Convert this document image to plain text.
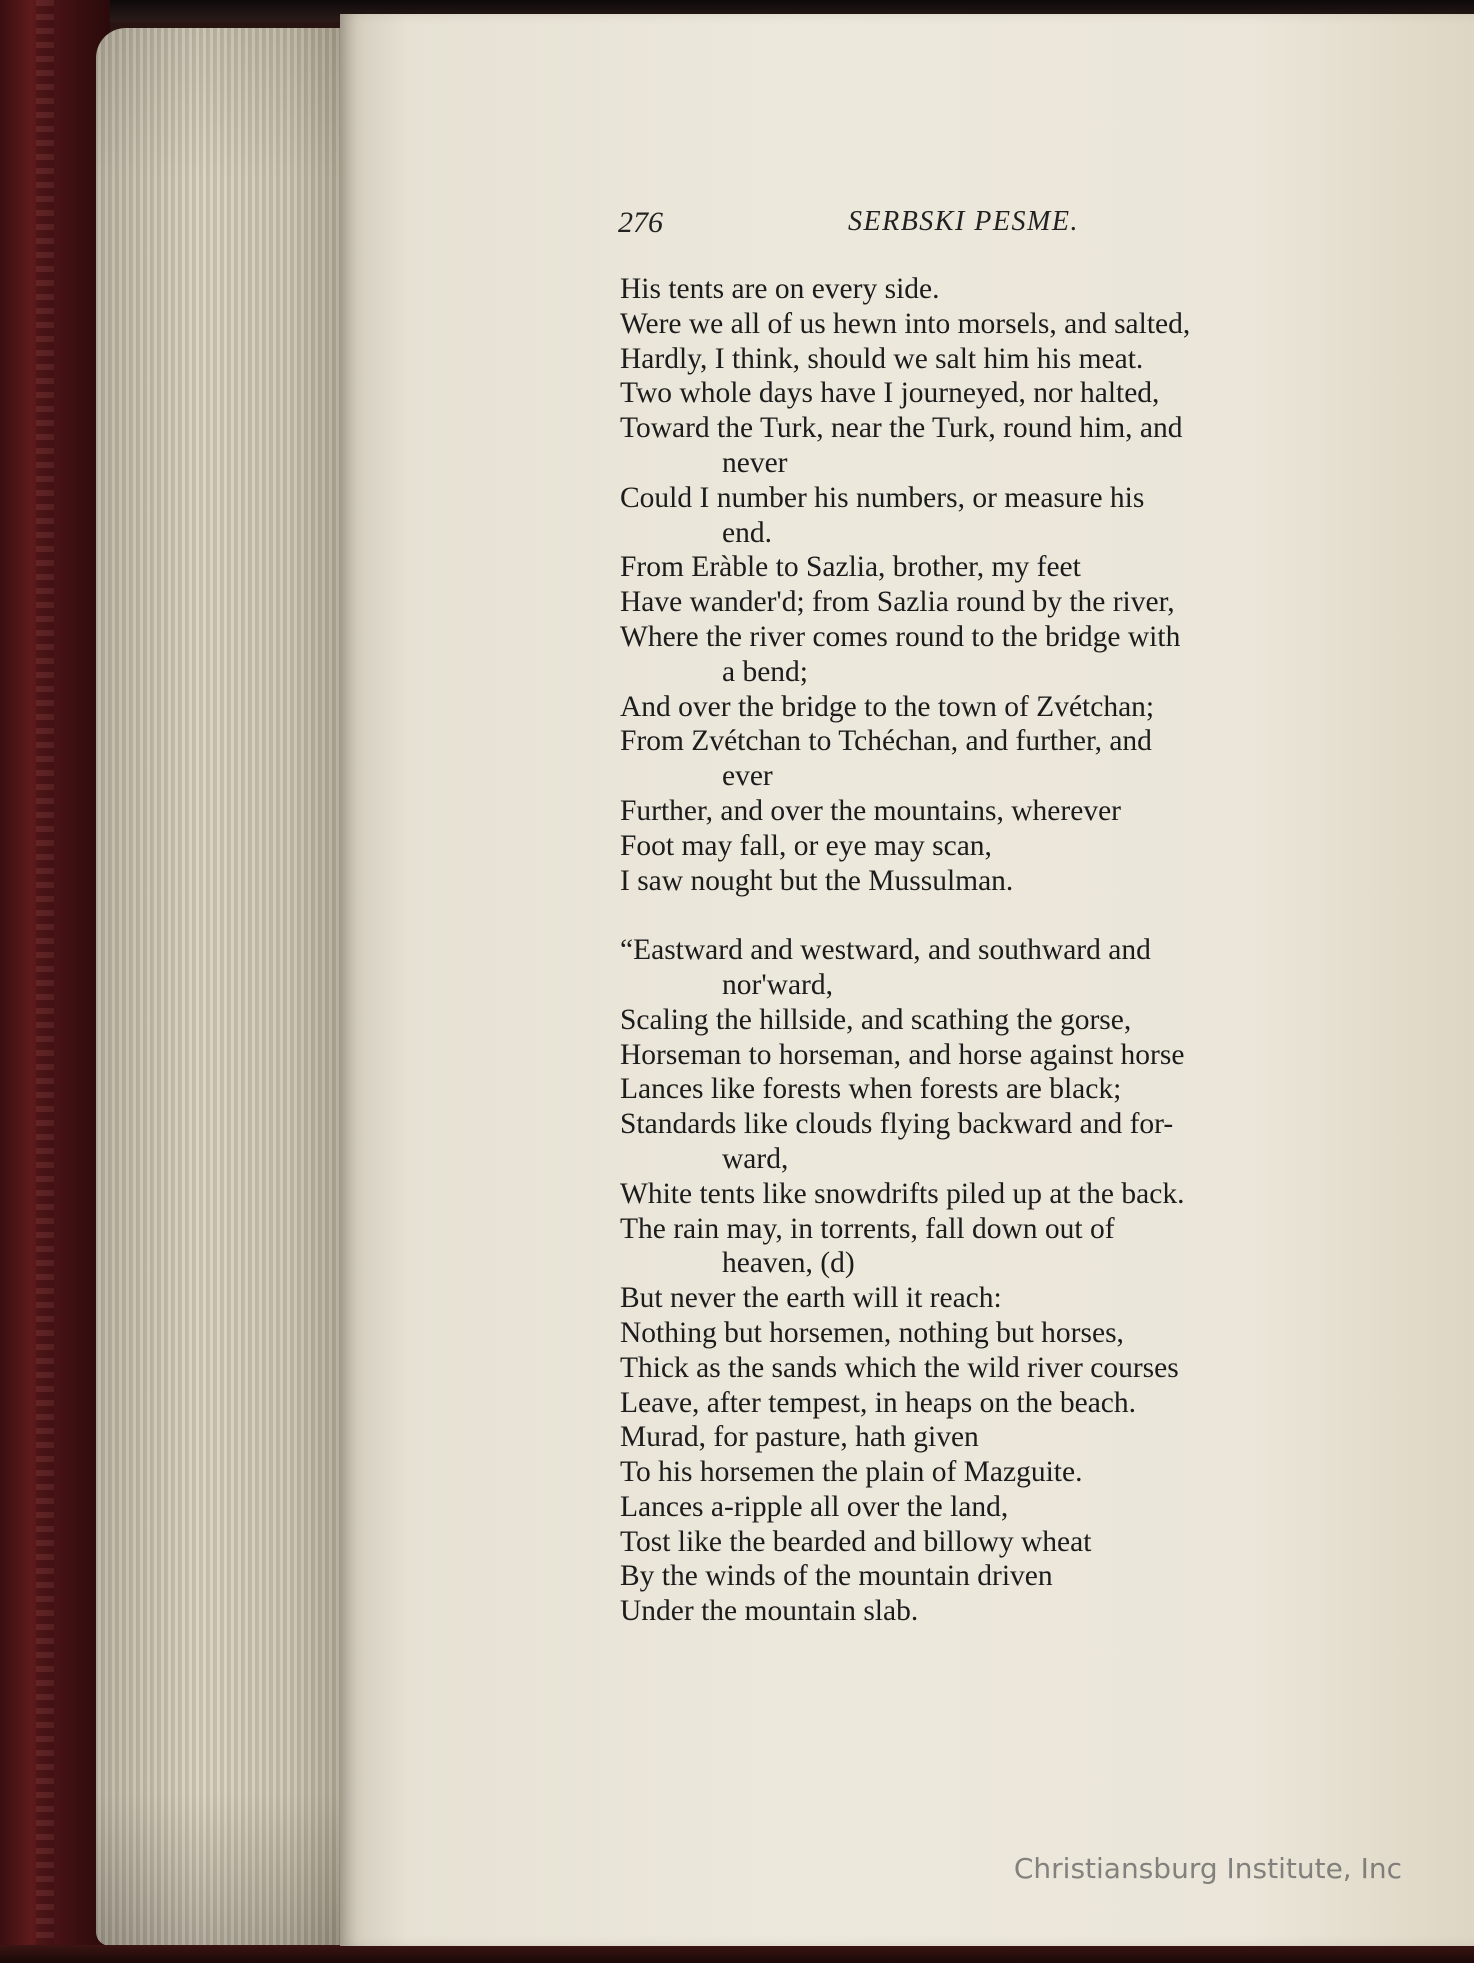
276	SERBSKI PESME.
His tents are on every side.
Were we all of us hewn into morsels, and salted,
Hardly, I think, should we salt him his meat.
Two whole days have I journeyed, nor halted,
Toward the Turk, near the Turk, round him, and
never
Could I number his numbers, or measure his
end.
From Eràble to Sazlia, brother, my feet
Have wander'd; from Sazlia round by the river,
Where the river comes round to the bridge with
a bend;
And over the bridge to the town of Zvétchan;
From Zvétchan to Tchéchan, and further, and
ever
Further, and over the mountains, wherever
Foot may fall, or eye may scan,
I saw nought but the Mussulman.
“Eastward and westward, and southward and
nor'ward,
Scaling the hillside, and scathing the gorse,
Horseman to horseman, and horse against horse
Lances like forests when forests are black;
Standards like clouds flying backward and for-
ward,
White tents like snowdrifts piled up at the back.
The rain may, in torrents, fall down out of
heaven, (d)
But never the earth will it reach:
Nothing but horsemen, nothing but horses,
Thick as the sands which the wild river courses
Leave, after tempest, in heaps on the beach.
Murad, for pasture, hath given
To his horsemen the plain of Mazguite.
Lances a-ripple all over the land,
Tost like the bearded and billowy wheat
By the winds of the mountain driven
Under the mountain slab.
Christiansburg Institute, Inc
